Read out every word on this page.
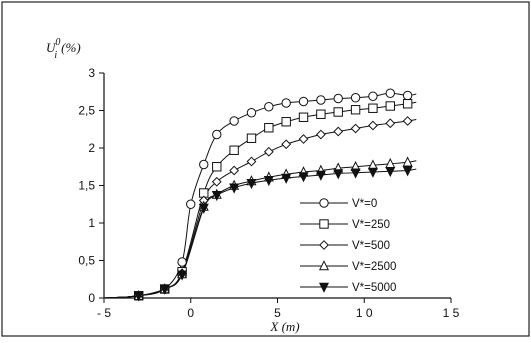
$U^0$ i(%)
X (m)
0
0,5
1
1,5
2
2,5
3
- 5	0	5	1 0	1 5
V*=0
V*=250
V*=500
V*=2500
V*=5000
